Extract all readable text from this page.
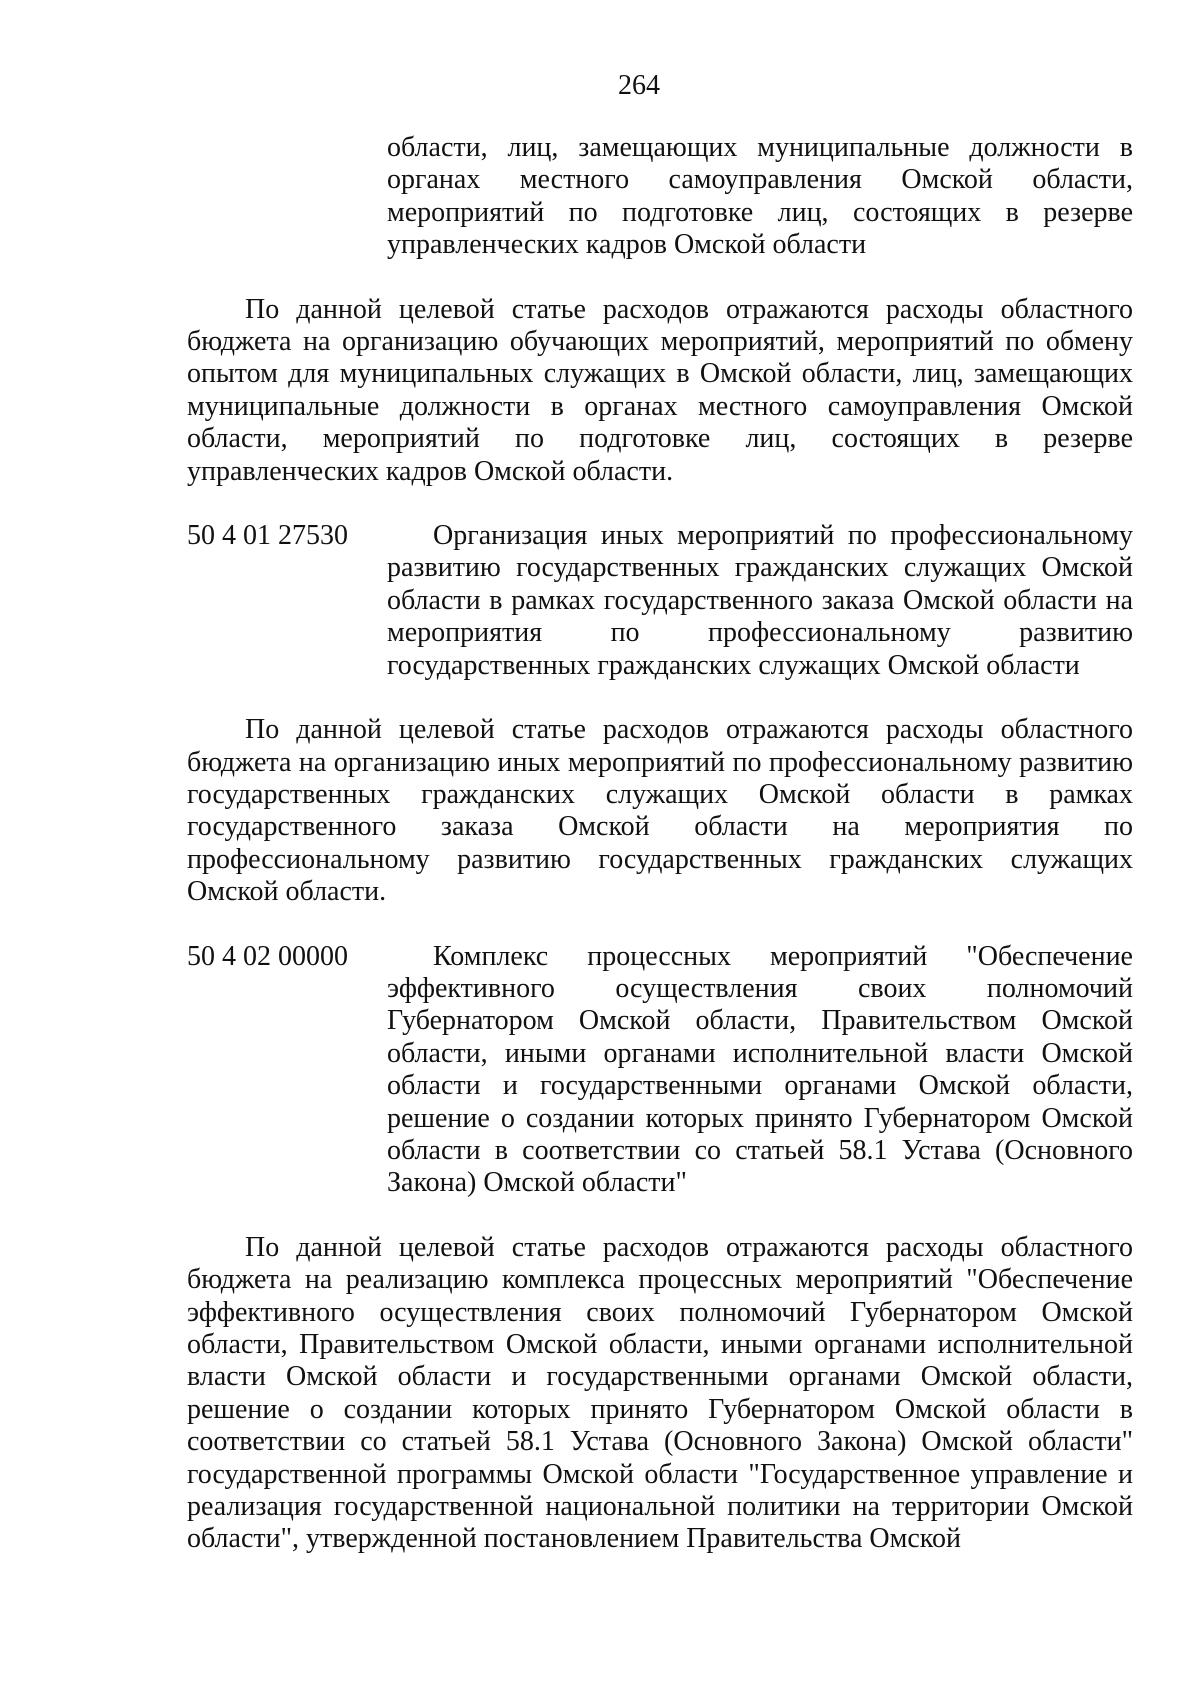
264
области, лиц, замещающих муниципальные должности в органах местного самоуправления Омской области, мероприятий по подготовке лиц, состоящих в резерве управленческих кадров Омской области
По данной целевой статье расходов отражаются расходы областного бюджета на организацию обучающих мероприятий, мероприятий по обмену опытом для муниципальных служащих в Омской области, лиц, замещающих муниципальные должности в органах местного самоуправления Омской области, мероприятий по подготовке лиц, состоящих в резерве управленческих кадров Омской области.
50 4 01 27530	Организация иных мероприятий по профессиональному развитию государственных гражданских служащих Омской области в рамках государственного заказа Омской области на мероприятия по профессиональному развитию государственных гражданских служащих Омской области
По данной целевой статье расходов отражаются расходы областного бюджета на организацию иных мероприятий по профессиональному развитию государственных гражданских служащих Омской области в рамках государственного заказа Омской области на мероприятия по профессиональному развитию государственных гражданских служащих Омской области.
50 4 02 00000	Комплекс процессных мероприятий "Обеспечение эффективного осуществления своих полномочий Губернатором Омской области, Правительством Омской области, иными органами исполнительной власти Омской области и государственными органами Омской области, решение о создании которых принято Губернатором Омской области в соответствии со статьей 58.1 Устава (Основного Закона) Омской области"
По данной целевой статье расходов отражаются расходы областного бюджета на реализацию комплекса процессных мероприятий "Обеспечение эффективного осуществления своих полномочий Губернатором Омской области, Правительством Омской области, иными органами исполнительной власти Омской области и государственными органами Омской области, решение о создании которых принято Губернатором Омской области в соответствии со статьей 58.1 Устава (Основного Закона) Омской области" государственной программы Омской области "Государственное управление и реализация государственной национальной политики на территории Омской области", утвержденной постановлением Правительства Омской
